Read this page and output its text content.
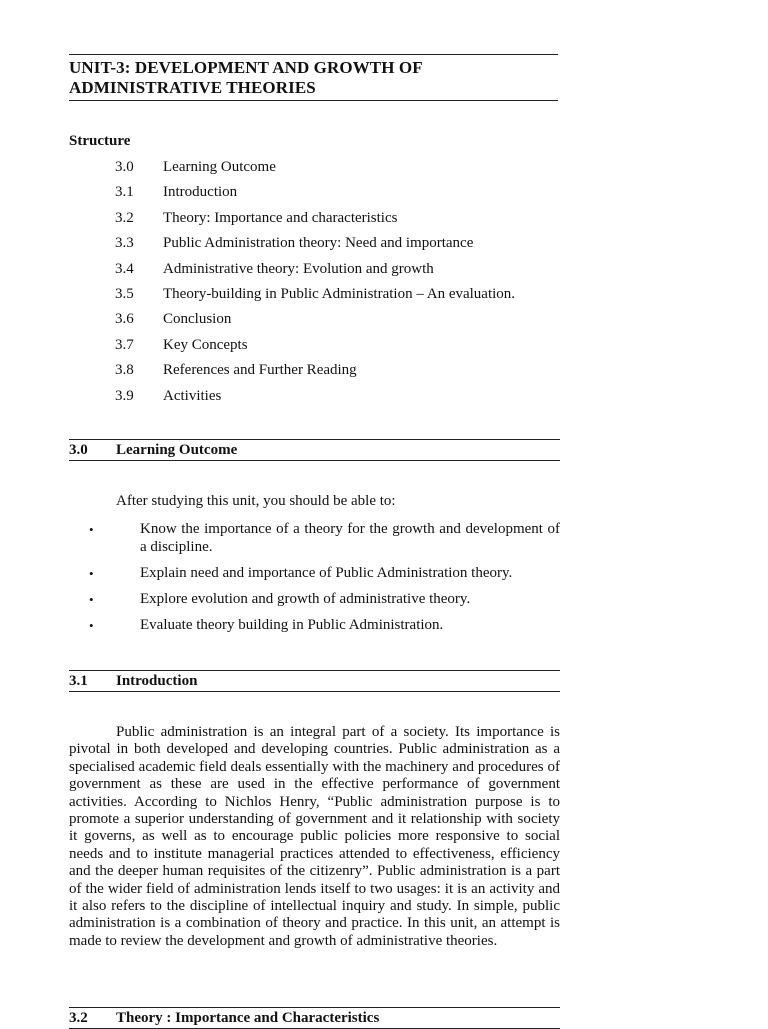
UNIT-3: DEVELOPMENT AND GROWTH OF
ADMINISTRATIVE THEORIES
Structure
3.0	Learning Outcome
3.1	Introduction
3.2	Theory: Importance and characteristics
3.3	Public Administration theory: Need and importance
3.4	Administrative theory: Evolution and growth
3.5	Theory-building in Public Administration – An evaluation.
3.6	Conclusion
3.7	Key Concepts
3.8	References and Further Reading
3.9	Activities
3.0 Learning Outcome
After studying this unit, you should be able to:
•	Know the importance of a theory for the growth and development of a discipline.
•	Explain need and importance of Public Administration theory.
•	Explore evolution and growth of administrative theory.
•	Evaluate theory building in Public Administration.
3.1 Introduction
Public administration is an integral part of a society. Its importance is pivotal in both developed and developing countries. Public administration as a specialised academic field deals essentially with the machinery and procedures of government as these are used in the effective performance of government activities. According to Nichlos Henry, “Public administration purpose is to promote a superior understanding of government and it relationship with society it governs, as well as to encourage public policies more responsive to social needs and to institute managerial practices attended to effectiveness, efficiency and the deeper human requisites of the citizenry”. Public administration is a part of the wider field of administration lends itself to two usages: it is an activity and it also refers to the discipline of intellectual inquiry and study. In simple, public administration is a combination of theory and practice. In this unit, an attempt is made to review the development and growth of administrative theories.
3.2 Theory : Importance and Characteristics
